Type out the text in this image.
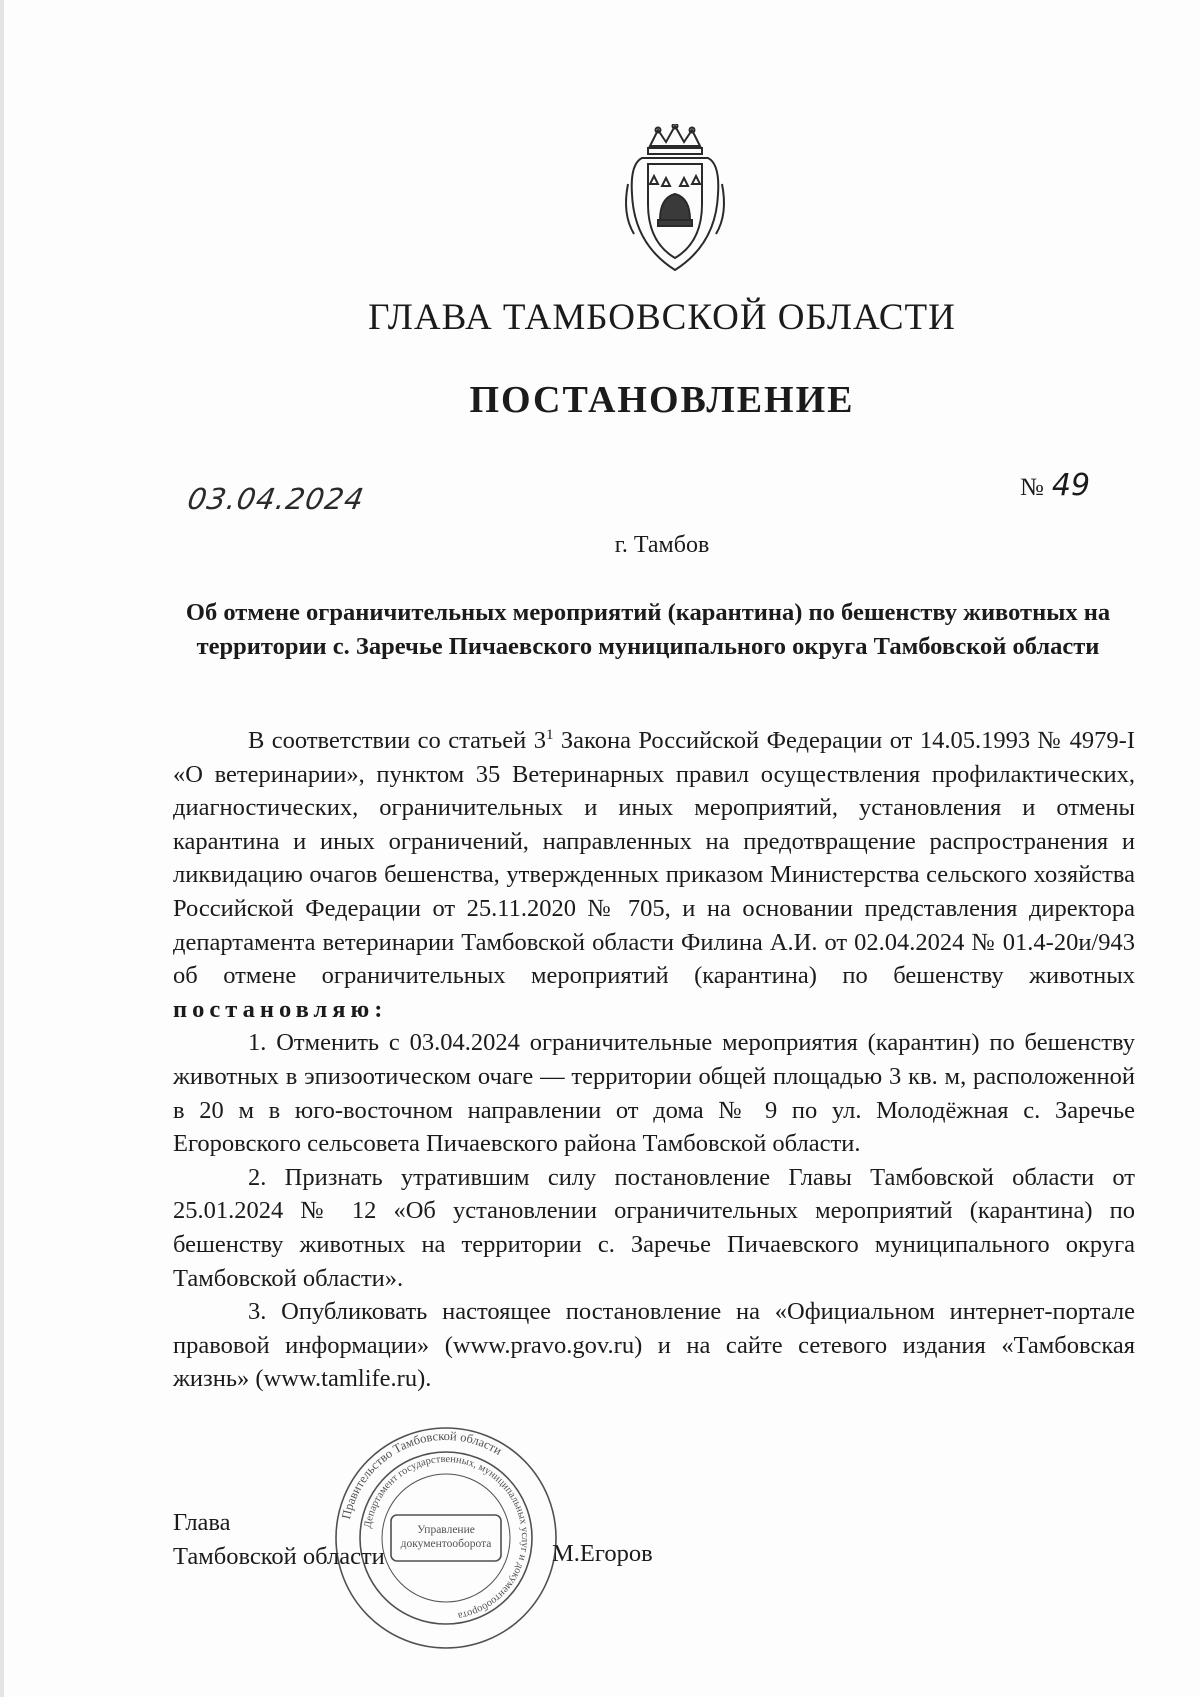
ГЛАВА ТАМБОВСКОЙ ОБЛАСТИ
ПОСТАНОВЛЕНИЕ
03.04.2024	№ 49
г. Тамбов
Об отмене ограничительных мероприятий (карантина) по бешенству животных на территории с. Заречье Пичаевского муниципального округа Тамбовской области

В соответствии со статьей $3^1$ Закона Российской Федерации от 14.05.1993 № 4979-I «О ветеринарии», пунктом 35 Ветеринарных правил осуществления профилактических, диагностических, ограничительных и иных мероприятий, установления и отмены карантина и иных ограничений, направленных на предотвращение распространения и ликвидацию очагов бешенства, утвержденных приказом Министерства сельского хозяйства Российской Федерации от 25.11.2020 № 705, и на основании представления директора департамента ветеринарии Тамбовской области Филина А.И. от 02.04.2024 № 01.4-20и/943 об отмене ограничительных мероприятий (карантина) по бешенству животных постановляю:

1. Отменить с 03.04.2024 ограничительные мероприятия (карантин) по бешенству животных в эпизоотическом очаге — территории общей площадью 3 кв. м, расположенной в 20 м в юго-восточном направлении от дома № 9 по ул. Молодёжная с. Заречье Егоровского сельсовета Пичаевского района Тамбовской области.

2. Признать утратившим силу постановление Главы Тамбовской области от 25.01.2024 № 12 «Об установлении ограничительных мероприятий (карантина) по бешенству животных на территории с. Заречье Пичаевского муниципального округа Тамбовской области».

3. Опубликовать настоящее постановление на «Официальном интернет-портале правовой информации» (www.pravo.gov.ru) и на сайте сетевого издания «Тамбовская жизнь» (www.tamlife.ru).

Глава
Тамбовской области	М.Егоров
Правительство Тамбовской области
Департамент государственных, муниципальных услуг и документооборота
Управление документооборота
